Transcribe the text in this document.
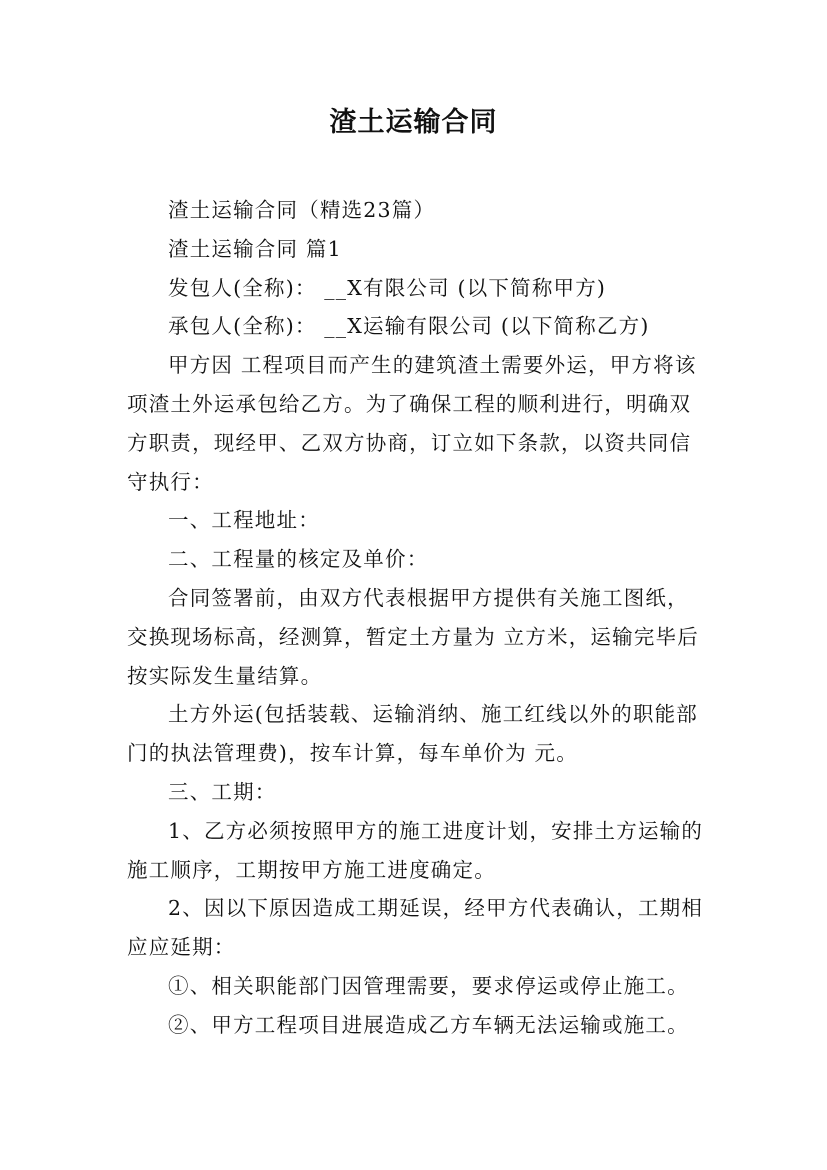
渣土运输合同

渣土运输合同（精选23篇）

渣土运输合同 篇1

发包人(全称)： __X有限公司 (以下简称甲方)

承包人(全称)： __X运输有限公司 (以下简称乙方)

甲方因 工程项目而产生的建筑渣土需要外运，甲方将该项渣土外运承包给乙方。为了确保工程的顺利进行，明确双方职责，现经甲、乙双方协商，订立如下条款，以资共同信守执行：

一、工程地址：

二、工程量的核定及单价：

合同签署前，由双方代表根据甲方提供有关施工图纸，交换现场标高，经测算，暂定土方量为 立方米，运输完毕后按实际发生量结算。

土方外运(包括装载、运输消纳、施工红线以外的职能部门的执法管理费)，按车计算，每车单价为 元。

三、工期：

1、乙方必须按照甲方的施工进度计划，安排土方运输的施工顺序，工期按甲方施工进度确定。

2、因以下原因造成工期延误，经甲方代表确认，工期相应应延期：

①、相关职能部门因管理需要，要求停运或停止施工。

②、甲方工程项目进展造成乙方车辆无法运输或施工。
